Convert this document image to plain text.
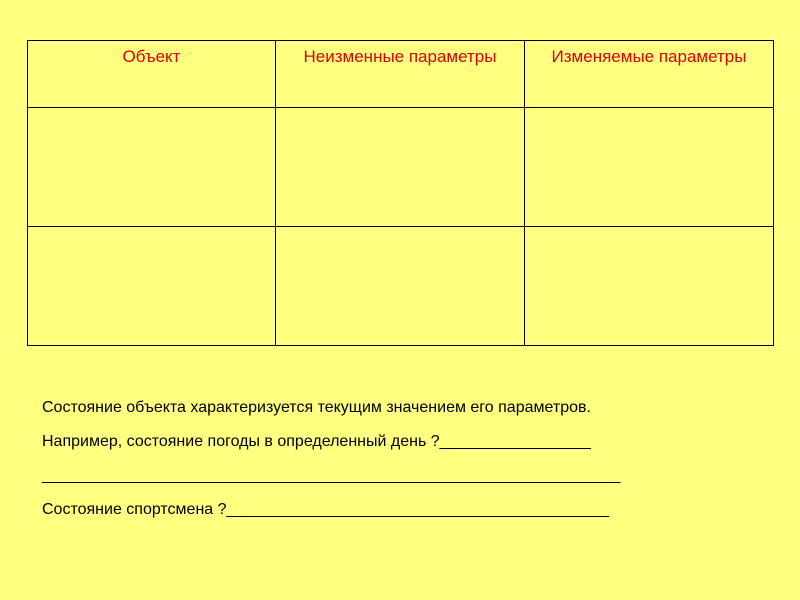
Объект	Неизменные параметры	Изменяемые параметры

Состояние объекта характеризуется текущим значением его параметров.
Например, состояние погоды в определенный день ?_________________
_________________________________________________________________
Состояние спортсмена ?___________________________________________
